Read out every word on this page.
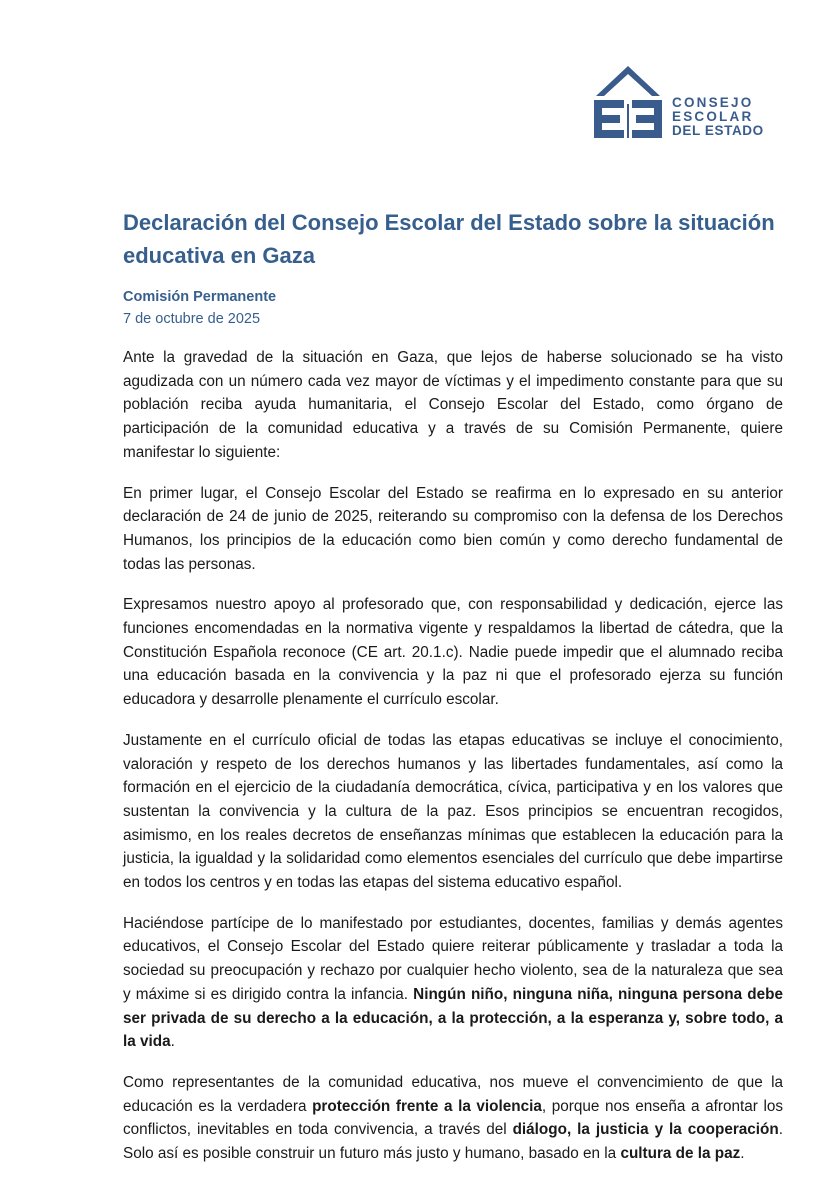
CONSEJO
ESCOLAR
DEL ESTADO
Declaración del Consejo Escolar del Estado sobre la situación educativa en Gaza
Comisión Permanente
7 de octubre de 2025

Ante la gravedad de la situación en Gaza, que lejos de haberse solucionado se ha visto agudizada con un número cada vez mayor de víctimas y el impedimento constante para que su población reciba ayuda humanitaria, el Consejo Escolar del Estado, como órgano de participación de la comunidad educativa y a través de su Comisión Permanente, quiere manifestar lo siguiente:

En primer lugar, el Consejo Escolar del Estado se reafirma en lo expresado en su anterior declaración de 24 de junio de 2025, reiterando su compromiso con la defensa de los Derechos Humanos, los principios de la educación como bien común y como derecho fundamental de todas las personas.

Expresamos nuestro apoyo al profesorado que, con responsabilidad y dedicación, ejerce las funciones encomendadas en la normativa vigente y respaldamos la libertad de cátedra, que la Constitución Española reconoce (CE art. 20.1.c). Nadie puede impedir que el alumnado reciba una educación basada en la convivencia y la paz ni que el profesorado ejerza su función educadora y desarrolle plenamente el currículo escolar.

Justamente en el currículo oficial de todas las etapas educativas se incluye el conocimiento, valoración y respeto de los derechos humanos y las libertades fundamentales, así como la formación en el ejercicio de la ciudadanía democrática, cívica, participativa y en los valores que sustentan la convivencia y la cultura de la paz. Esos principios se encuentran recogidos, asimismo, en los reales decretos de enseñanzas mínimas que establecen la educación para la justicia, la igualdad y la solidaridad como elementos esenciales del currículo que debe impartirse en todos los centros y en todas las etapas del sistema educativo español.

Haciéndose partícipe de lo manifestado por estudiantes, docentes, familias y demás agentes educativos, el Consejo Escolar del Estado quiere reiterar públicamente y trasladar a toda la sociedad su preocupación y rechazo por cualquier hecho violento, sea de la naturaleza que sea y máxime si es dirigido contra la infancia. Ningún niño, ninguna niña, ninguna persona debe ser privada de su derecho a la educación, a la protección, a la esperanza y, sobre todo, a la vida.

Como representantes de la comunidad educativa, nos mueve el convencimiento de que la educación es la verdadera protección frente a la violencia, porque nos enseña a afrontar los conflictos, inevitables en toda convivencia, a través del diálogo, la justicia y la cooperación. Solo así es posible construir un futuro más justo y humano, basado en la cultura de la paz.
